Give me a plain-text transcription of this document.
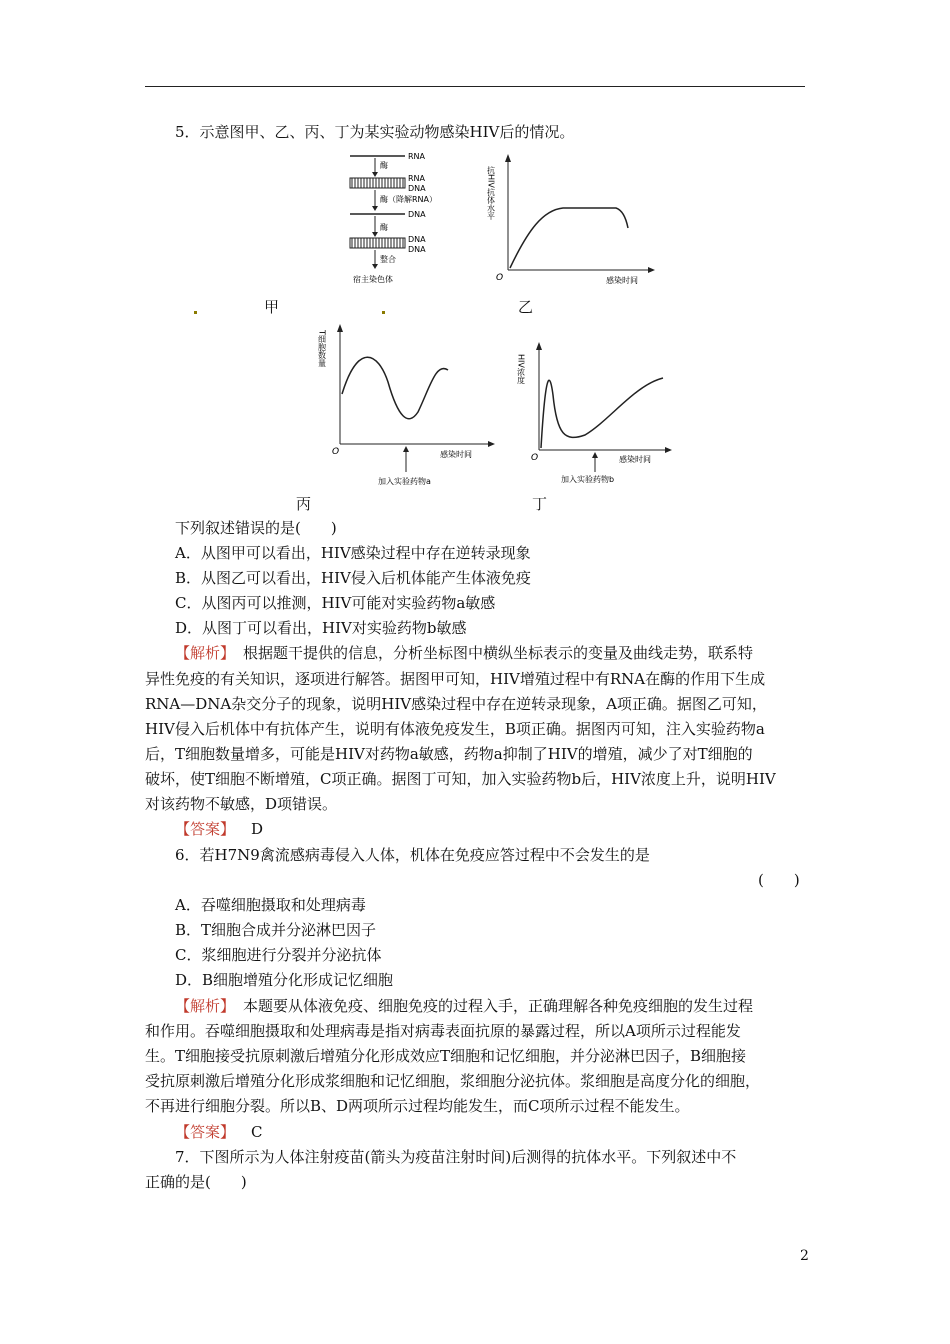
5．示意图甲、乙、丙、丁为某实验动物感染HIV后的情况。
RNA
酶
RNA
DNA
酶（降解RNA）
DNA
酶
DNA
DNA
整合
宿主染色体
甲
O	感染时间
抗HIV抗体水平
乙
O	感染时间
加入实验药物a
T细胞数量
丙
O	感染时间
加入实验药物b
HIV浓度
丁
下列叙述错误的是(　　)
A．从图甲可以看出，HIV感染过程中存在逆转录现象
B．从图乙可以看出，HIV侵入后机体能产生体液免疫
C．从图丙可以推测，HIV可能对实验药物a敏感
D．从图丁可以看出，HIV对实验药物b敏感
【解析】 根据题干提供的信息，分析坐标图中横纵坐标表示的变量及曲线走势，联系特
异性免疫的有关知识，逐项进行解答。据图甲可知，HIV增殖过程中有RNA在酶的作用下生成
RNA—DNA杂交分子的现象，说明HIV感染过程中存在逆转录现象，A项正确。据图乙可知，
HIV侵入后机体中有抗体产生，说明有体液免疫发生，B项正确。据图丙可知，注入实验药物a
后，T细胞数量增多，可能是HIV对药物a敏感，药物a抑制了HIV的增殖，减少了对T细胞的
破坏，使T细胞不断增殖，C项正确。据图丁可知，加入实验药物b后，HIV浓度上升，说明HIV
对该药物不敏感，D项错误。
【答案】 D
6．若H7N9禽流感病毒侵入人体，机体在免疫应答过程中不会发生的是
(　　)
A．吞噬细胞摄取和处理病毒
B．T细胞合成并分泌淋巴因子
C．浆细胞进行分裂并分泌抗体
D．B细胞增殖分化形成记忆细胞
【解析】 本题要从体液免疫、细胞免疫的过程入手，正确理解各种免疫细胞的发生过程
和作用。吞噬细胞摄取和处理病毒是指对病毒表面抗原的暴露过程，所以A项所示过程能发
生。T细胞接受抗原刺激后增殖分化形成效应T细胞和记忆细胞，并分泌淋巴因子，B细胞接
受抗原刺激后增殖分化形成浆细胞和记忆细胞，浆细胞分泌抗体。浆细胞是高度分化的细胞，
不再进行细胞分裂。所以B、D两项所示过程均能发生，而C项所示过程不能发生。
【答案】 C
7．下图所示为人体注射疫苗(箭头为疫苗注射时间)后测得的抗体水平。下列叙述中不
正确的是(　　)
2
